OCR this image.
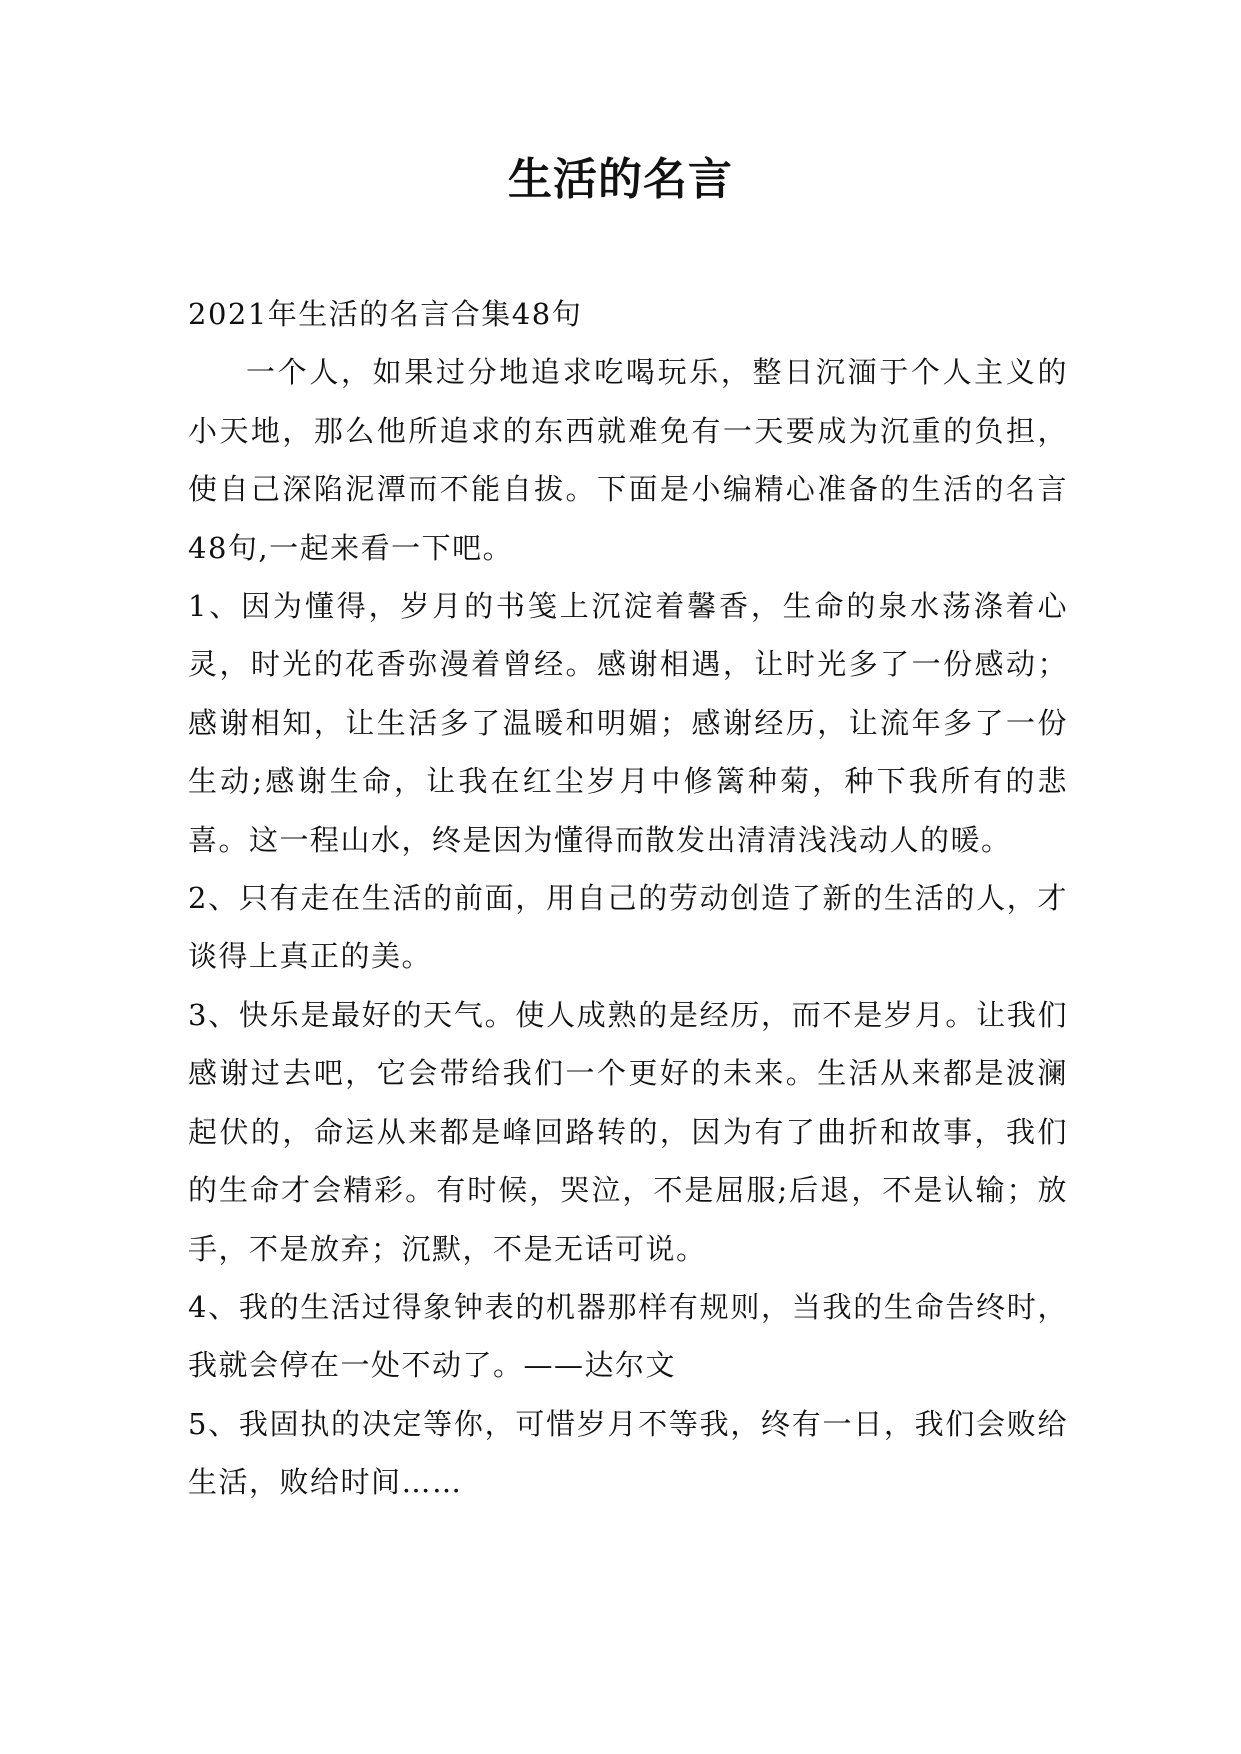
生活的名言

2021年生活的名言合集48句

一个人，如果过分地追求吃喝玩乐，整日沉湎于个人主义的小天地，那么他所追求的东西就难免有一天要成为沉重的负担，使自己深陷泥潭而不能自拔。下面是小编精心准备的生活的名言48句,一起来看一下吧。

1、因为懂得，岁月的书笺上沉淀着馨香，生命的泉水荡涤着心灵，时光的花香弥漫着曾经。感谢相遇，让时光多了一份感动；感谢相知，让生活多了温暖和明媚；感谢经历，让流年多了一份生动;感谢生命，让我在红尘岁月中修篱种菊，种下我所有的悲喜。这一程山水，终是因为懂得而散发出清清浅浅动人的暖。

2、只有走在生活的前面，用自己的劳动创造了新的生活的人，才谈得上真正的美。

3、快乐是最好的天气。使人成熟的是经历，而不是岁月。让我们感谢过去吧，它会带给我们一个更好的未来。生活从来都是波澜起伏的，命运从来都是峰回路转的，因为有了曲折和故事，我们的生命才会精彩。有时候，哭泣，不是屈服;后退，不是认输；放手，不是放弃；沉默，不是无话可说。

4、我的生活过得象钟表的机器那样有规则，当我的生命告终时，我就会停在一处不动了。——达尔文

5、我固执的决定等你，可惜岁月不等我，终有一日，我们会败给生活，败给时间……
